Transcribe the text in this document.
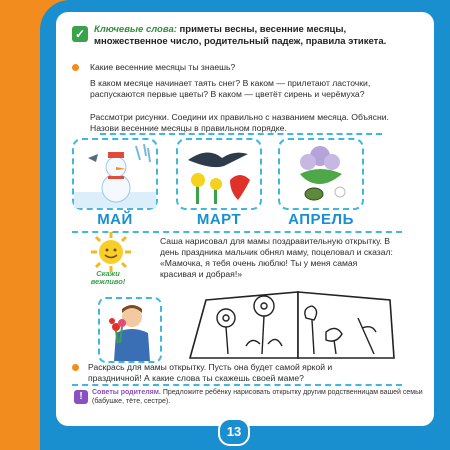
✓ Ключевые слова: приметы весны, весенние месяцы, множественное число, родительный падеж, правила этикета.
Какие весенние месяцы ты знаешь?
В каком месяце начинает таять снег? В каком — прилетают ласточки, распускаются первые цветы? В каком — цветёт сирень и черёмуха?
Рассмотри рисунки. Соедини их правильно с названием месяца. Объясни. Назови весенние месяцы в правильном порядке.
МАЙ	МАРТ	АПРЕЛЬ
Скажи вежливо!
Саша нарисовал для мамы поздравительную открытку. В день праздника мальчик обнял маму, поцеловал и сказал: «Мамочка, я тебя очень люблю! Ты у меня самая красивая и добрая!»
Раскрась для мамы открытку. Пусть она будет самой яркой и праздничной! А какие слова ты скажешь своей маме?
!	Советы родителям. Предложите ребёнку нарисовать открытку другим родственницам вашей семьи (бабушке, тёте, сестре).
13
